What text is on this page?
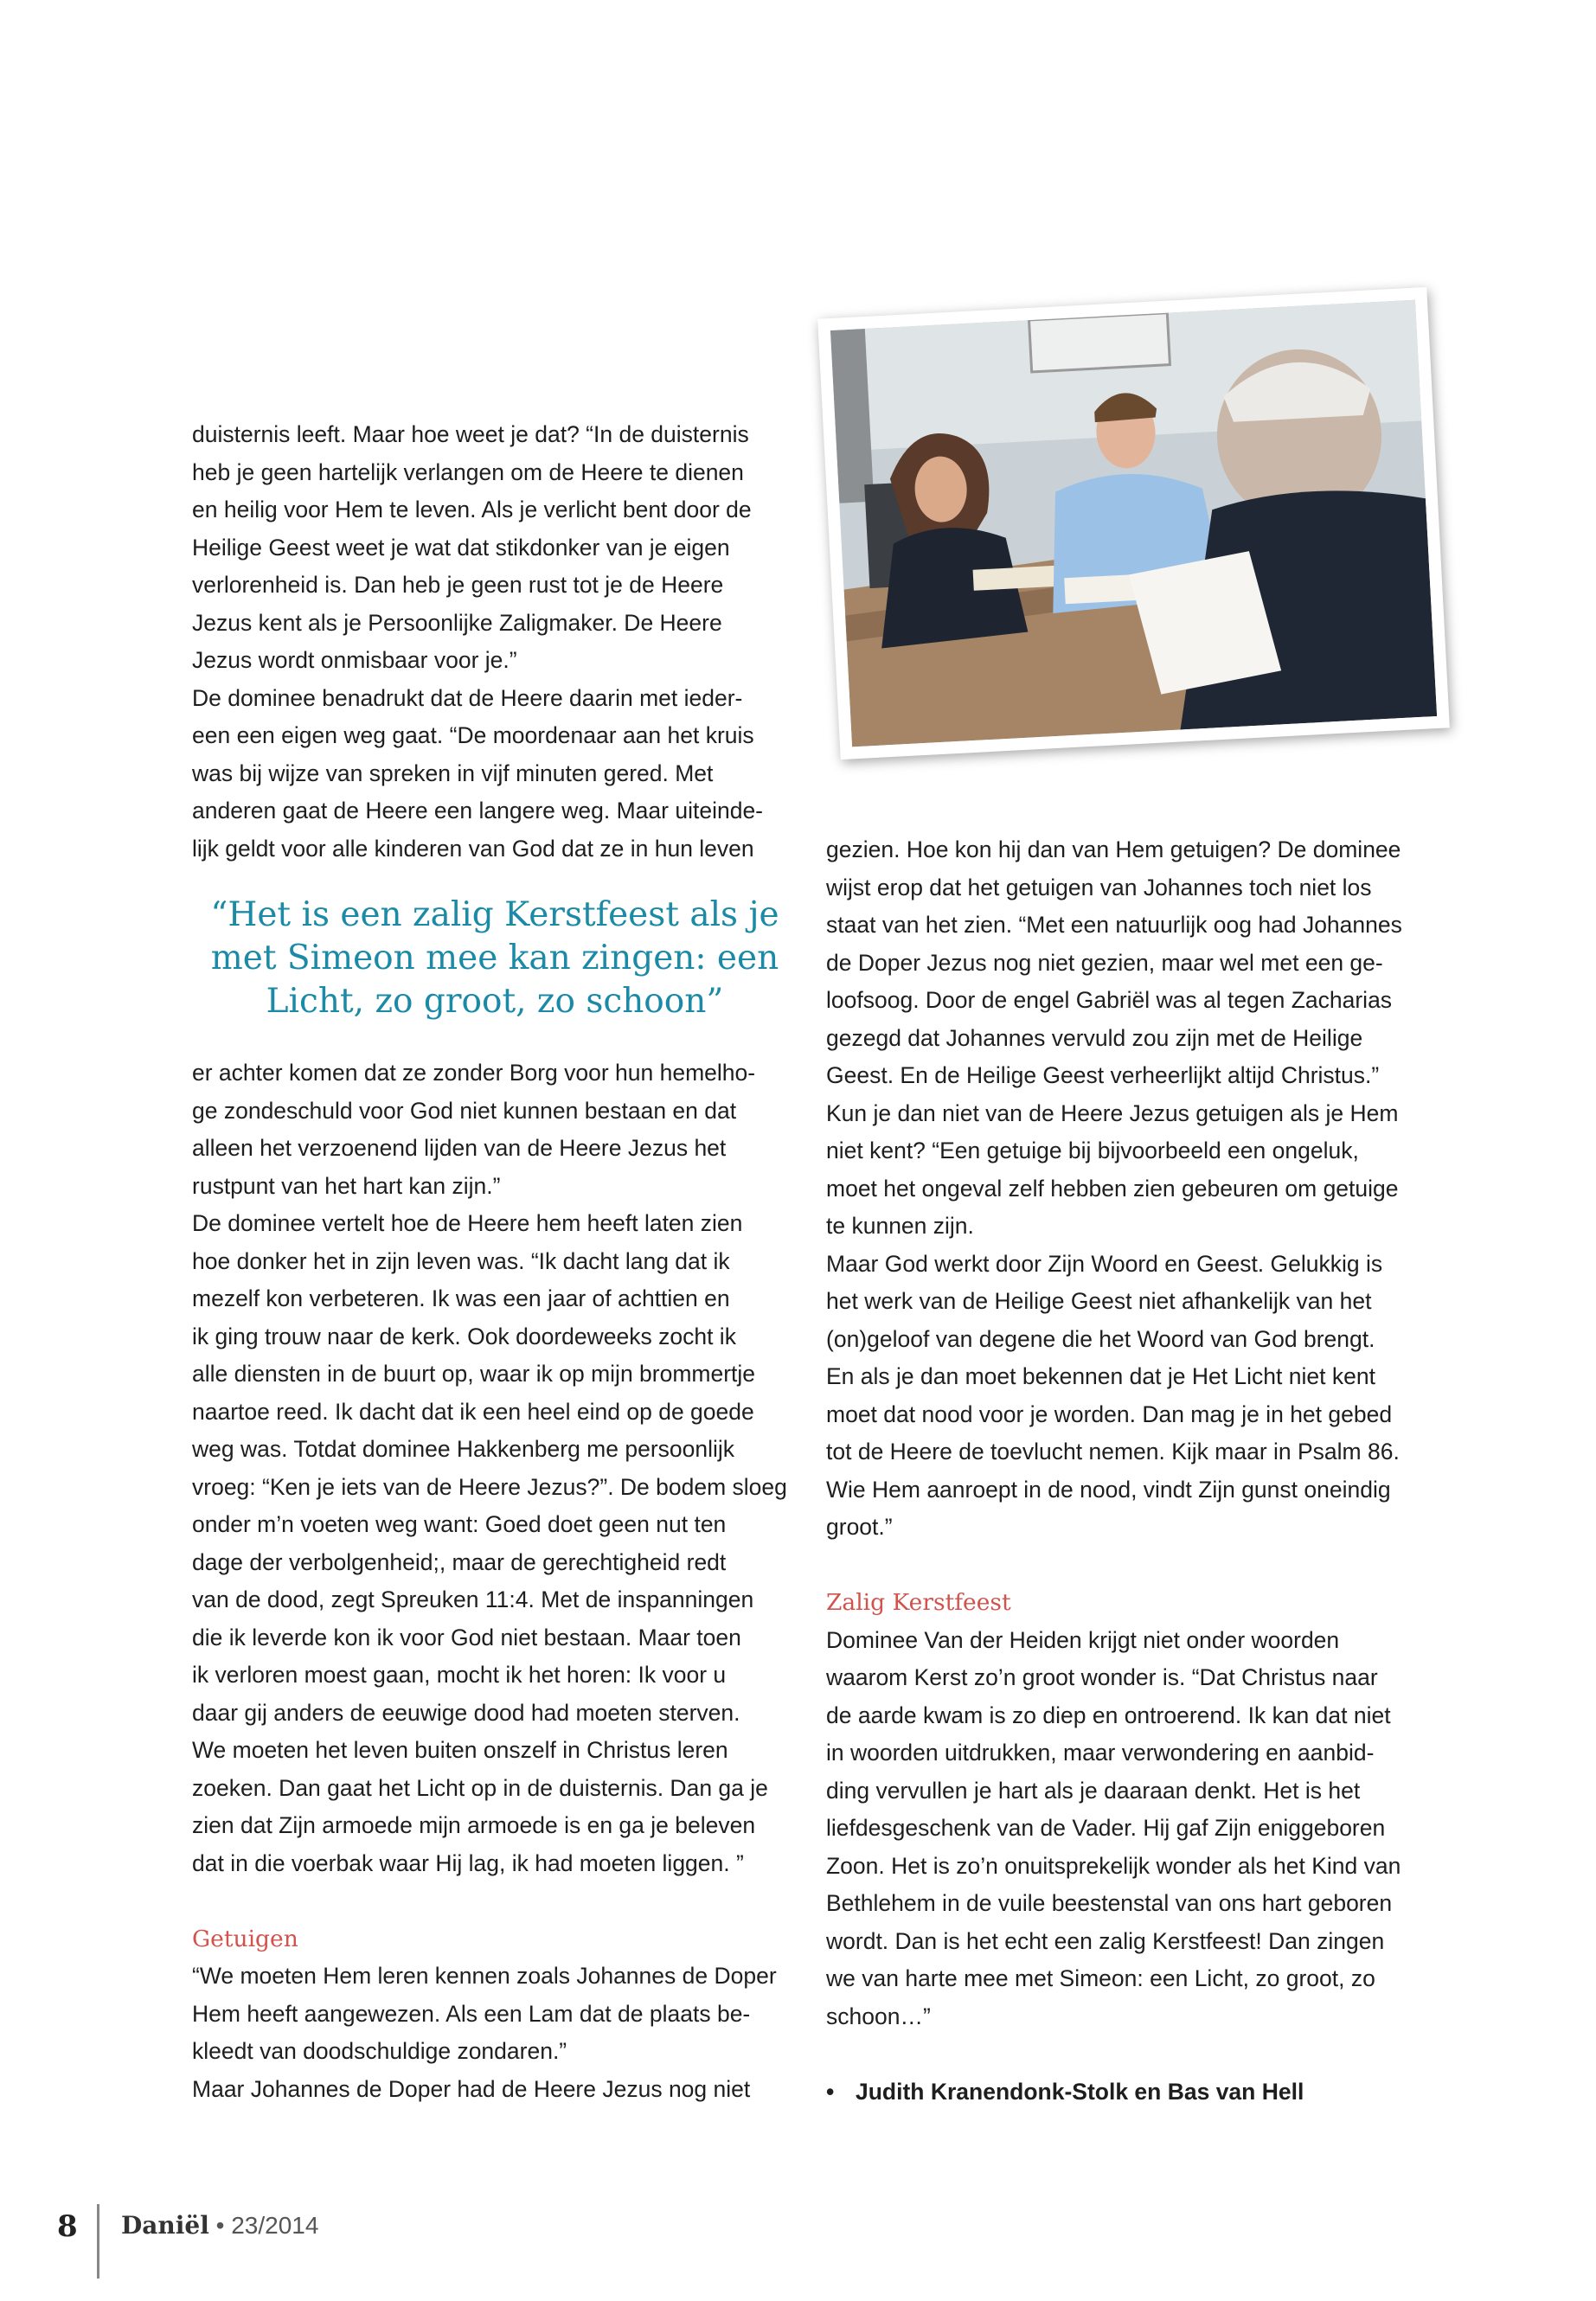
duisternis leeft. Maar hoe weet je dat? “In de duisternis

heb je geen hartelijk verlangen om de Heere te dienen

en heilig voor Hem te leven. Als je verlicht bent door de

Heilige Geest weet je wat dat stikdonker van je eigen

verlorenheid is. Dan heb je geen rust tot je de Heere

Jezus kent als je Persoonlijke Zaligmaker. De Heere

Jezus wordt onmisbaar voor je.”

De dominee benadrukt dat de Heere daarin met ieder-

een een eigen weg gaat. “De moordenaar aan het kruis

was bij wijze van spreken in vijf minuten gered. Met

anderen gaat de Heere een langere weg. Maar uiteinde-

lijk geldt voor alle kinderen van God dat ze in hun leven

“Het is een zalig Kerstfeest als je

met Simeon mee kan zingen: een

Licht, zo groot, zo schoon”

er achter komen dat ze zonder Borg voor hun hemelho-

ge zondeschuld voor God niet kunnen bestaan en dat

alleen het verzoenend lijden van de Heere Jezus het

rustpunt van het hart kan zijn.”

De dominee vertelt hoe de Heere hem heeft laten zien

hoe donker het in zijn leven was. “Ik dacht lang dat ik

mezelf kon verbeteren. Ik was een jaar of achttien en

ik ging trouw naar de kerk. Ook doordeweeks zocht ik

alle diensten in de buurt op, waar ik op mijn brommertje

naartoe reed. Ik dacht dat ik een heel eind op de goede

weg was. Totdat dominee Hakkenberg me persoonlijk

vroeg: “Ken je iets van de Heere Jezus?”. De bodem sloeg

onder m’n voeten weg want: Goed doet geen nut ten

dage der verbolgenheid;, maar de gerechtigheid redt

van de dood, zegt Spreuken 11:4. Met de inspanningen

die ik leverde kon ik voor God niet bestaan. Maar toen

ik verloren moest gaan, mocht ik het horen: Ik voor u

daar gij anders de eeuwige dood had moeten sterven.

We moeten het leven buiten onszelf in Christus leren

zoeken. Dan gaat het Licht op in de duisternis. Dan ga je

zien dat Zijn armoede mijn armoede is en ga je beleven

dat in die voerbak waar Hij lag, ik had moeten liggen. ”

Getuigen

“We moeten Hem leren kennen zoals Johannes de Doper

Hem heeft aangewezen. Als een Lam dat de plaats be-

kleedt van doodschuldige zondaren.”

Maar Johannes de Doper had de Heere Jezus nog niet

gezien. Hoe kon hij dan van Hem getuigen? De dominee

wijst erop dat het getuigen van Johannes toch niet los

staat van het zien. “Met een natuurlijk oog had Johannes

de Doper Jezus nog niet gezien, maar wel met een ge-

loofsoog. Door de engel Gabriël was al tegen Zacharias

gezegd dat Johannes vervuld zou zijn met de Heilige

Geest. En de Heilige Geest verheerlijkt altijd Christus.”

Kun je dan niet van de Heere Jezus getuigen als je Hem

niet kent? “Een getuige bij bijvoorbeeld een ongeluk,

moet het ongeval zelf hebben zien gebeuren om getuige

te kunnen zijn.

Maar God werkt door Zijn Woord en Geest. Gelukkig is

het werk van de Heilige Geest niet afhankelijk van het

(on)geloof van degene die het Woord van God brengt.

En als je dan moet bekennen dat je Het Licht niet kent

moet dat nood voor je worden. Dan mag je in het gebed

tot de Heere de toevlucht nemen. Kijk maar in Psalm 86.

Wie Hem aanroept in de nood, vindt Zijn gunst oneindig

groot.”

Zalig Kerstfeest

Dominee Van der Heiden krijgt niet onder woorden

waarom Kerst zo’n groot wonder is. “Dat Christus naar

de aarde kwam is zo diep en ontroerend. Ik kan dat niet

in woorden uitdrukken, maar verwondering en aanbid-

ding vervullen je hart als je daaraan denkt. Het is het

liefdesgeschenk van de Vader. Hij gaf Zijn eniggeboren

Zoon. Het is zo’n onuitsprekelijk wonder als het Kind van

Bethlehem in de vuile beestenstal van ons hart geboren

wordt. Dan is het echt een zalig Kerstfeest! Dan zingen

we van harte mee met Simeon: een Licht, zo groot, zo

schoon…”

• Judith Kranendonk-Stolk en Bas van Hell

8 Daniël • 23/2014
